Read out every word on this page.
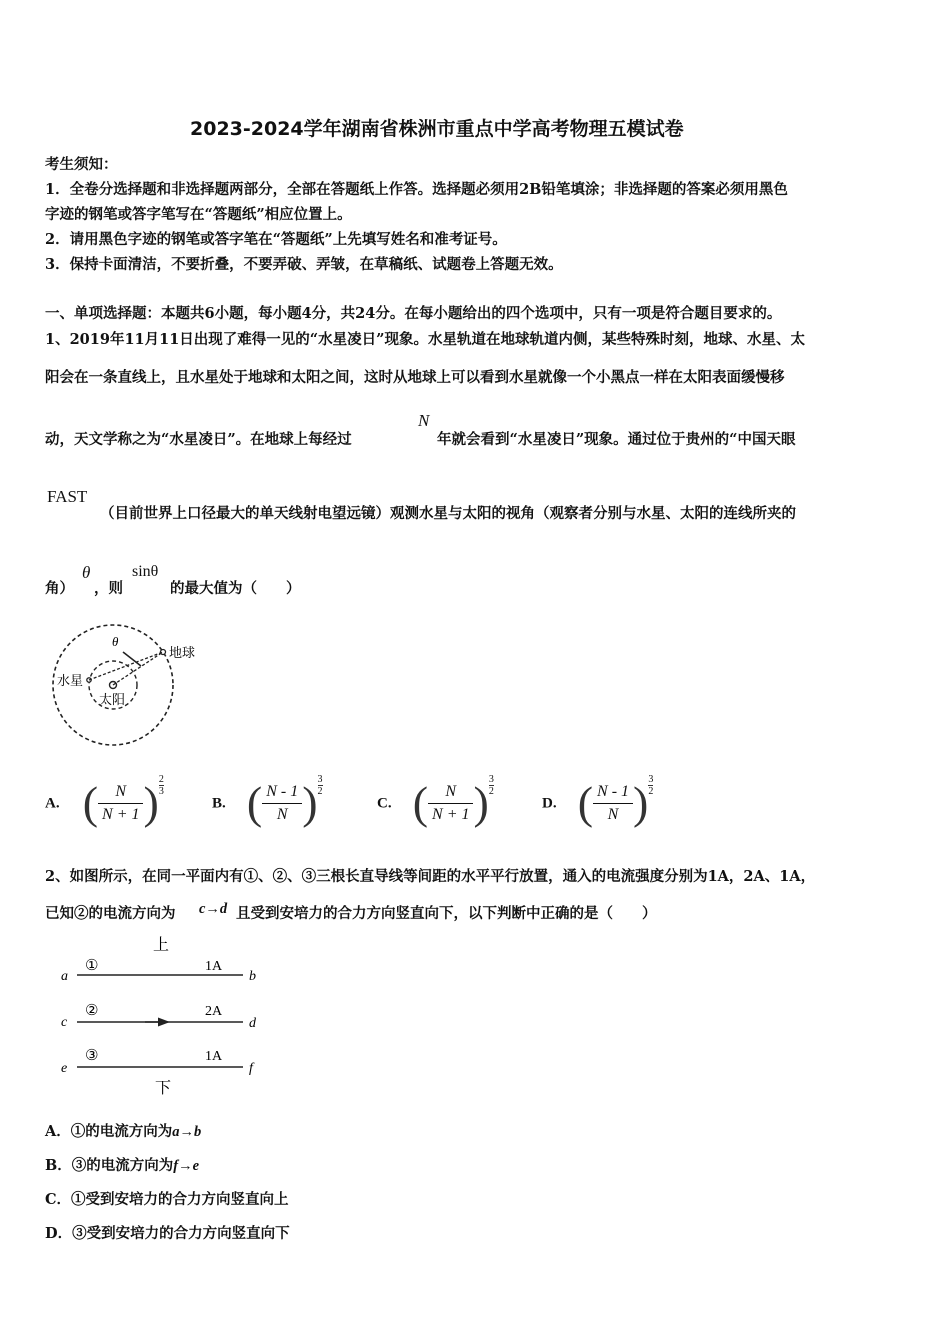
2023-2024学年湖南省株洲市重点中学高考物理五模试卷
考生须知：
1．全卷分选择题和非选择题两部分，全部在答题纸上作答。选择题必须用2B铅笔填涂；非选择题的答案必须用黑色
字迹的钢笔或答字笔写在“答题纸”相应位置上。
2．请用黑色字迹的钢笔或答字笔在“答题纸”上先填写姓名和准考证号。
3．保持卡面清洁，不要折叠，不要弄破、弄皱，在草稿纸、试题卷上答题无效。
一、单项选择题：本题共6小题，每小题4分，共24分。在每小题给出的四个选项中，只有一项是符合题目要求的。
1、2019年11月11日出现了难得一见的“水星凌日”现象。水星轨道在地球轨道内侧，某些特殊时刻，地球、水星、太
阳会在一条直线上，且水星处于地球和太阳之间，这时从地球上可以看到水星就像一个小黑点一样在太阳表面缓慢移
动，天文学称之为“水星凌日”。在地球上每经过
N
年就会看到“水星凌日”现象。通过位于贵州的“中国天眼
FAST
（目前世界上口径最大的单天线射电望远镜）观测水星与太阳的视角（观察者分别与水星、太阳的连线所夹的
角）
θ
，则
sinθ
的最大值为（　　）
θ
地球
水星
太阳
A. ( $\frac{N}{N + 1}$ ) $\frac{2}{3}$
B. ( $\frac{N - 1}{N}$ ) $\frac{3}{2}$
C. ( $\frac{N}{N + 1}$ ) $\frac{3}{2}$
D. ( $\frac{N - 1}{N}$ ) $\frac{3}{2}$
2、如图所示，在同一平面内有①、②、③三根长直导线等间距的水平平行放置，通入的电流强度分别为1A，2A、1A，
已知②的电流方向为 c→d 且受到安培力的合力方向竖直向下，以下判断中正确的是（　　）
上
a
①	1A
b
c
②	2A
d
e
③	1A
f
下
A．①的电流方向为a→b
B．③的电流方向为f→e
C．①受到安培力的合力方向竖直向上
D．③受到安培力的合力方向竖直向下
